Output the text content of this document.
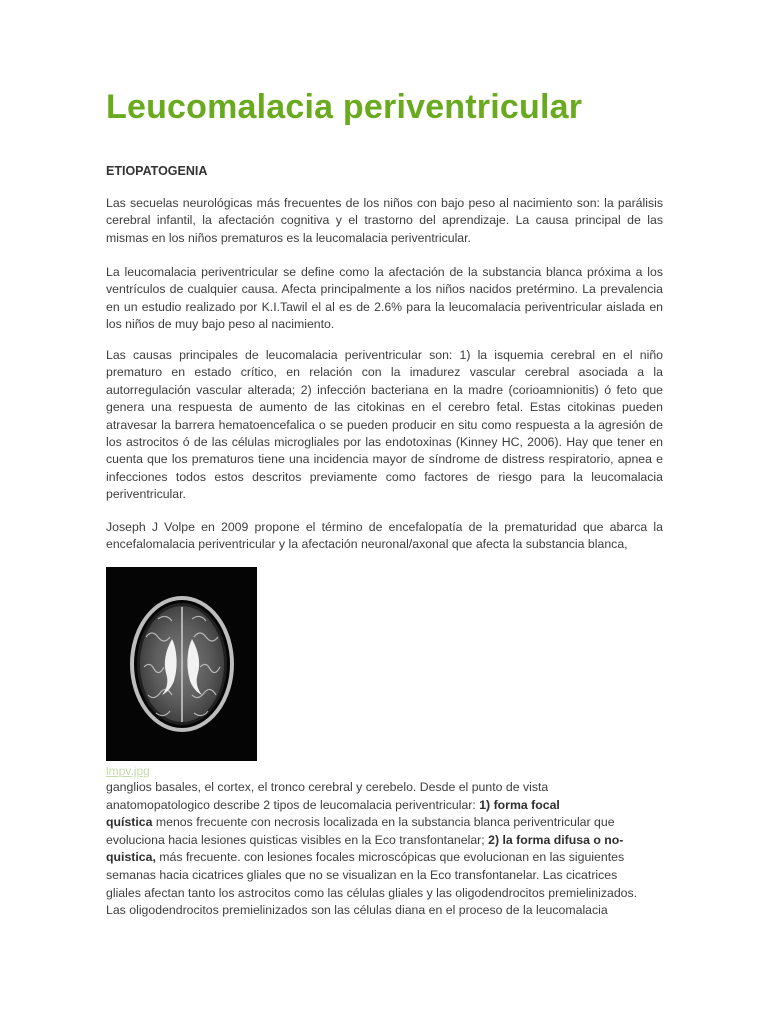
Leucomalacia periventricular
ETIOPATOGENIA

Las secuelas neurológicas más frecuentes de los niños con bajo peso al nacimiento son: la parálisis cerebral infantil, la afectación cognitiva y el trastorno del aprendizaje. La causa principal de las mismas en los niños prematuros es la leucomalacia periventricular.

La leucomalacia periventricular se define como la afectación de la substancia blanca próxima a los ventrículos de cualquier causa. Afecta principalmente a los niños nacidos pretérmino. La prevalencia en un estudio realizado por K.I.Tawil el al es de 2.6% para la leucomalacia periventricular aislada en los niños de muy bajo peso al nacimiento.

Las causas principales de leucomalacia periventricular son: 1) la isquemia cerebral en el niño prematuro en estado crítico, en relación con la imadurez vascular cerebral asociada a la autorregulación vascular alterada; 2) infección bacteriana en la madre (corioamnionitis) ó feto que genera una respuesta de aumento de las citokinas en el cerebro fetal. Estas citokinas pueden atravesar la barrera hematoencefalica o se pueden producir en situ como respuesta a la agresión de los astrocitos ó de las células microgliales por las endotoxinas (Kinney HC, 2006). Hay que tener en cuenta que los prematuros tiene una incidencia mayor de síndrome de distress respiratorio, apnea e infecciones todos estos descritos previamente como factores de riesgo para la leucomalacia periventricular.

Joseph J Volpe en 2009 propone el término de encefalopatía de la prematuridad que abarca la encefalomalacia periventricular y la afectación neuronal/axonal que afecta la substancia blanca,

lmpv.jpg

ganglios basales, el cortex, el tronco cerebral y cerebelo. Desde el punto de vista
anatomopatologico describe 2 tipos de leucomalacia periventricular: 1) forma focal
quística menos frecuente con necrosis localizada en la substancia blanca periventricular que
evoluciona hacia lesiones quisticas visibles en la Eco transfontanelar; 2) la forma difusa o no-
quistica, más frecuente. con lesiones focales microscópicas que evolucionan en las siguientes
semanas hacia cicatrices gliales que no se visualizan en la Eco transfontanelar. Las cicatrices
gliales afectan tanto los astrocitos como las células gliales y las oligodendrocitos premielinizados.
Las oligodendrocitos premielinizados son las células diana en el proceso de la leucomalacia
